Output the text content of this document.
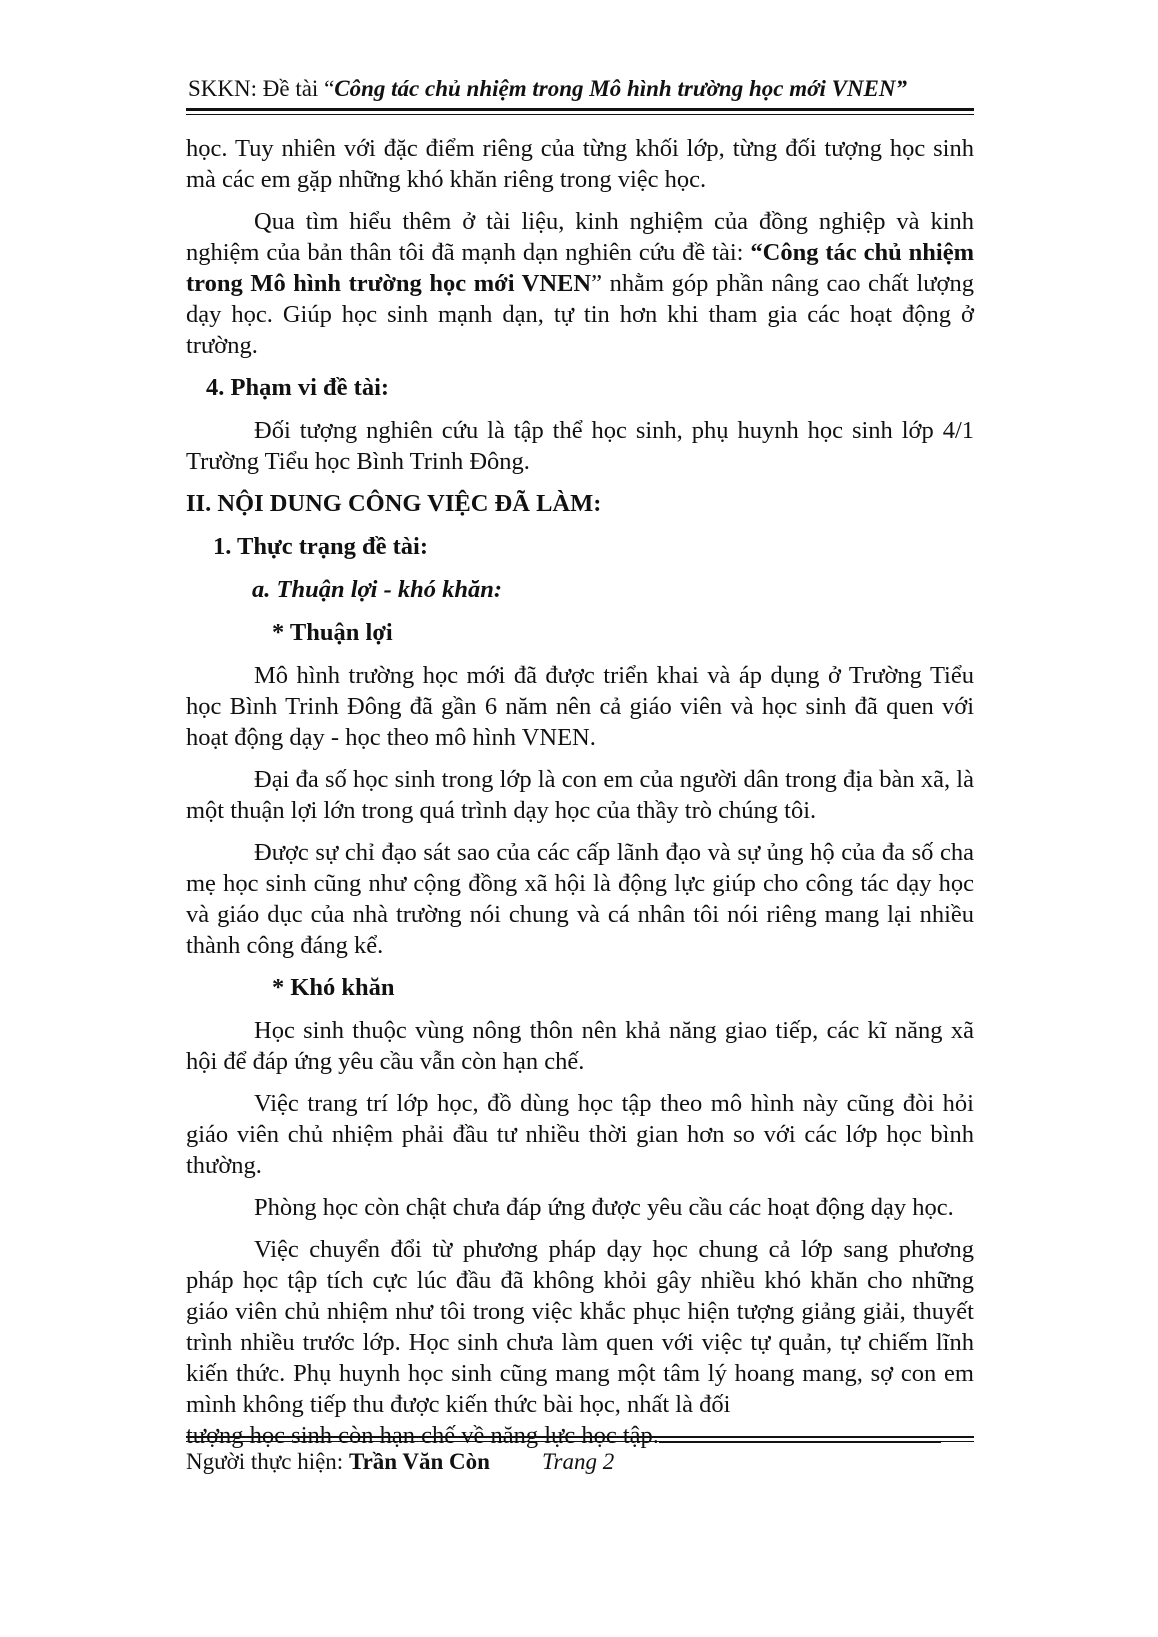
SKKN: Đề tài “Công tác chủ nhiệm trong Mô hình trường học mới VNEN”

học. Tuy nhiên với đặc điểm riêng của từng khối lớp, từng đối tượng học sinh mà các em gặp những khó khăn riêng trong việc học.

Qua tìm hiểu thêm ở tài liệu, kinh nghiệm của đồng nghiệp và kinh nghiệm của bản thân tôi đã mạnh dạn nghiên cứu đề tài: “Công tác chủ nhiệm trong Mô hình trường học mới VNEN” nhằm góp phần nâng cao chất lượng dạy học. Giúp học sinh mạnh dạn, tự tin hơn khi tham gia các hoạt động ở trường.

4. Phạm vi đề tài:

Đối tượng nghiên cứu là tập thể học sinh, phụ huynh học sinh lớp 4/1 Trường Tiểu học Bình Trinh Đông.

II. NỘI DUNG CÔNG VIỆC ĐÃ LÀM:
1. Thực trạng đề tài:
a. Thuận lợi - khó khăn:
* Thuận lợi

Mô hình trường học mới đã được triển khai và áp dụng ở Trường Tiểu học Bình Trinh Đông đã gần 6 năm nên cả giáo viên và học sinh đã quen với hoạt động dạy - học theo mô hình VNEN.

Đại đa số học sinh trong lớp là con em của người dân trong địa bàn xã, là một thuận lợi lớn trong quá trình dạy học của thầy trò chúng tôi.

Được sự chỉ đạo sát sao của các cấp lãnh đạo và sự ủng hộ của đa số cha mẹ học sinh cũng như cộng đồng xã hội là động lực giúp cho công tác dạy học và giáo dục của nhà trường nói chung và cá nhân tôi nói riêng mang lại nhiều thành công đáng kể.

* Khó khăn

Học sinh thuộc vùng nông thôn nên khả năng giao tiếp, các kĩ năng xã hội để đáp ứng yêu cầu vẫn còn hạn chế.

Việc trang trí lớp học, đồ dùng học tập theo mô hình này cũng đòi hỏi giáo viên chủ nhiệm phải đầu tư nhiều thời gian hơn so với các lớp học bình thường.

Phòng học còn chật chưa đáp ứng được yêu cầu các hoạt động dạy học.

Việc chuyển đổi từ phương pháp dạy học chung cả lớp sang phương pháp học tập tích cực lúc đầu đã không khỏi gây nhiều khó khăn cho những giáo viên chủ nhiệm như tôi trong việc khắc phục hiện tượng giảng giải, thuyết trình nhiều trước lớp. Học sinh chưa làm quen với việc tự quản, tự chiếm lĩnh kiến thức. Phụ huynh học sinh cũng mang một tâm lý hoang mang, sợ con em mình không tiếp thu được kiến thức bài học, nhất là đối

tượng học sinh còn hạn chế về năng lực học tập.
Người thực hiện: Trần Văn Còn Trang 2
